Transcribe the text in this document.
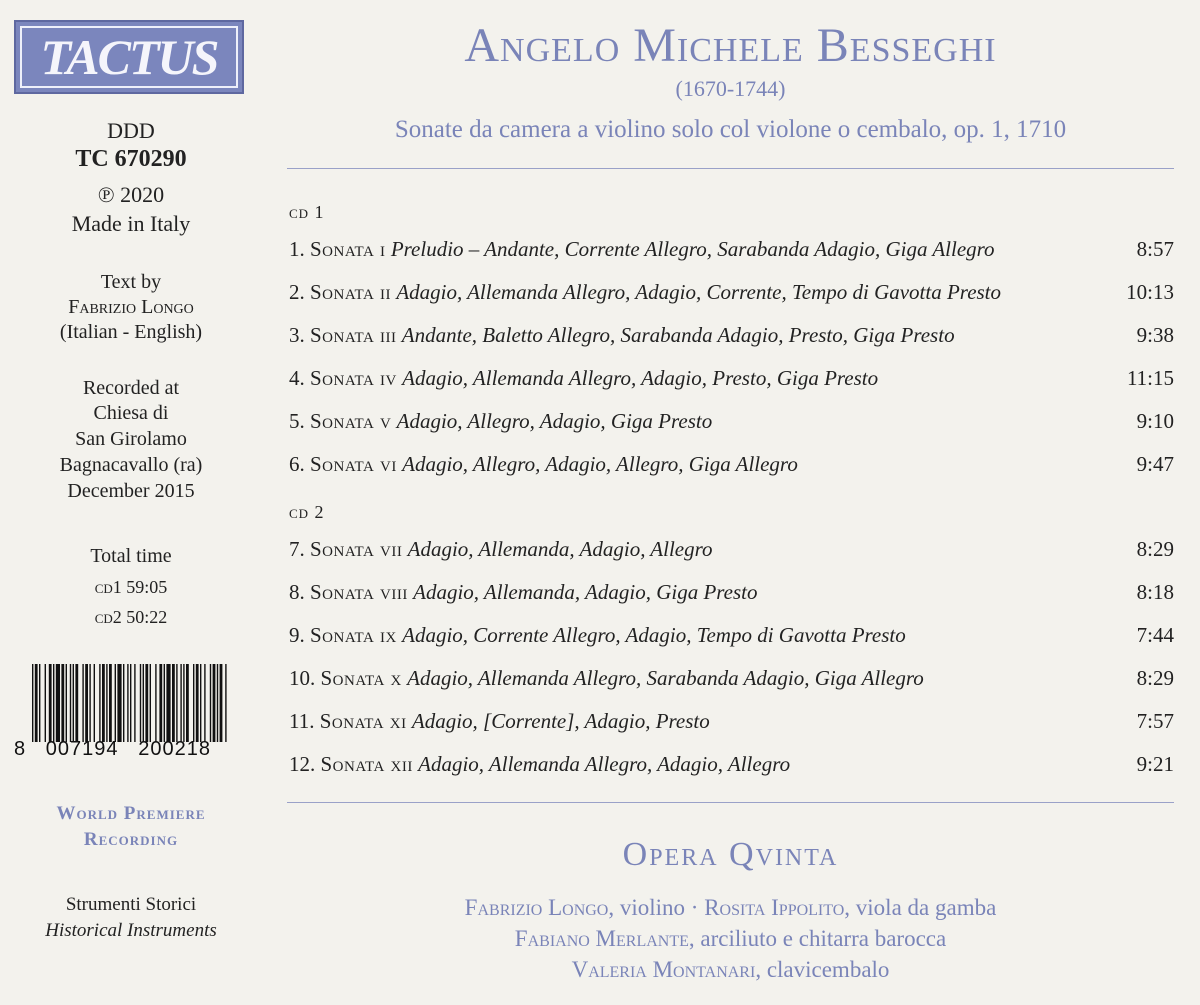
TACTUS
DDD
TC 670290
℗ 2020
Made in Italy
Text by
Fabrizio Longo
(Italian - English)
Recorded at
Chiesa di
San Girolamo
Bagnacavallo (ra)
December 2015
Total time
cd1 59:05
cd2 50:22
8   007194   200218
World Premiere
Recording
Strumenti Storici
Historical Instruments
Angelo Michele Besseghi
(1670-1744)
Sonate da camera a violino solo col violone o cembalo, op. 1, 1710
cd 1
1. Sonata i Preludio – Andante, Corrente Allegro, Sarabanda Adagio, Giga Allegro	8:57
2. Sonata ii Adagio, Allemanda Allegro, Adagio, Corrente, Tempo di Gavotta Presto	10:13
3. Sonata iii Andante, Baletto Allegro, Sarabanda Adagio, Presto, Giga Presto	9:38
4. Sonata iv Adagio, Allemanda Allegro, Adagio, Presto, Giga Presto	11:15
5. Sonata v Adagio, Allegro, Adagio, Giga Presto	9:10
6. Sonata vi Adagio, Allegro, Adagio, Allegro, Giga Allegro	9:47
cd 2
7. Sonata vii Adagio, Allemanda, Adagio, Allegro	8:29
8. Sonata viii Adagio, Allemanda, Adagio, Giga Presto	8:18
9. Sonata ix Adagio, Corrente Allegro, Adagio, Tempo di Gavotta Presto	7:44
10. Sonata x Adagio, Allemanda Allegro, Sarabanda Adagio, Giga Allegro	8:29
11. Sonata xi Adagio, [Corrente], Adagio, Presto	7:57
12. Sonata xii Adagio, Allemanda Allegro, Adagio, Allegro	9:21
Opera Qvinta
Fabrizio Longo, violino · Rosita Ippolito, viola da gamba
Fabiano Merlante, arciliuto e chitarra barocca
Valeria Montanari, clavicembalo
